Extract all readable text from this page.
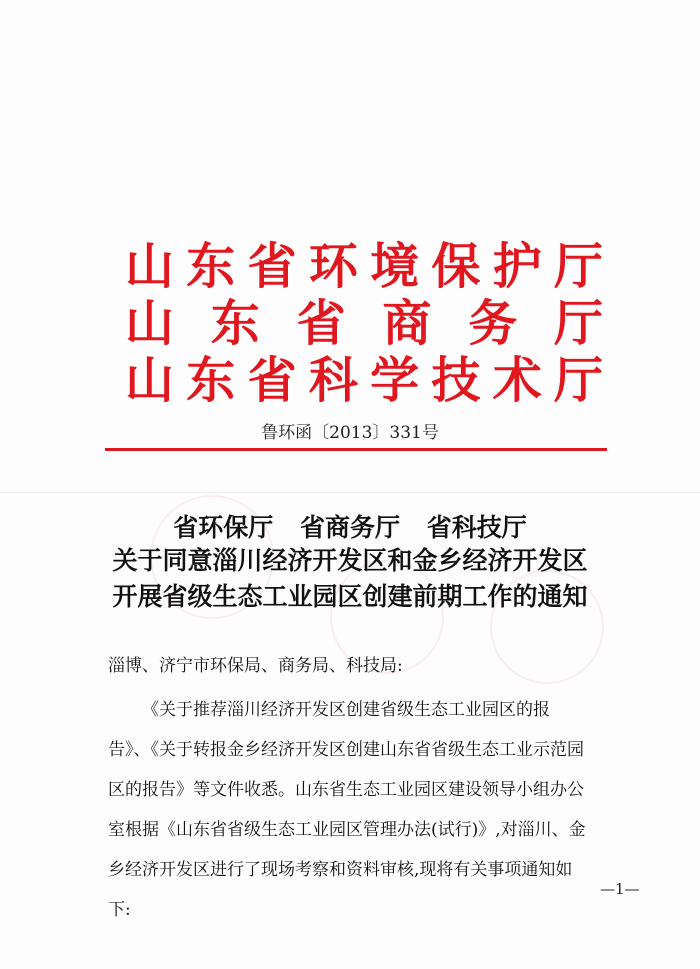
山 东 省 环 境 保 护 厅
山 东 省 商 务 厅
山 东 省 科 学 技 术 厅
鲁环函〔2013〕331号
省环保厅 省商务厅 省科技厅
关于同意淄川经济开发区和金乡经济开发区
开展省级生态工业园区创建前期工作的通知
淄博、济宁市环保局、商务局、科技局:
《关于推荐淄川经济开发区创建省级生态工业园区的报
告》、《关于转报金乡经济开发区创建山东省省级生态工业示范园
区的报告》等文件收悉。山东省生态工业园区建设领导小组办公
室根据《山东省省级生态工业园区管理办法(试行)》,对淄川、金
乡经济开发区进行了现场考察和资料审核,现将有关事项通知如
下:
—1—
